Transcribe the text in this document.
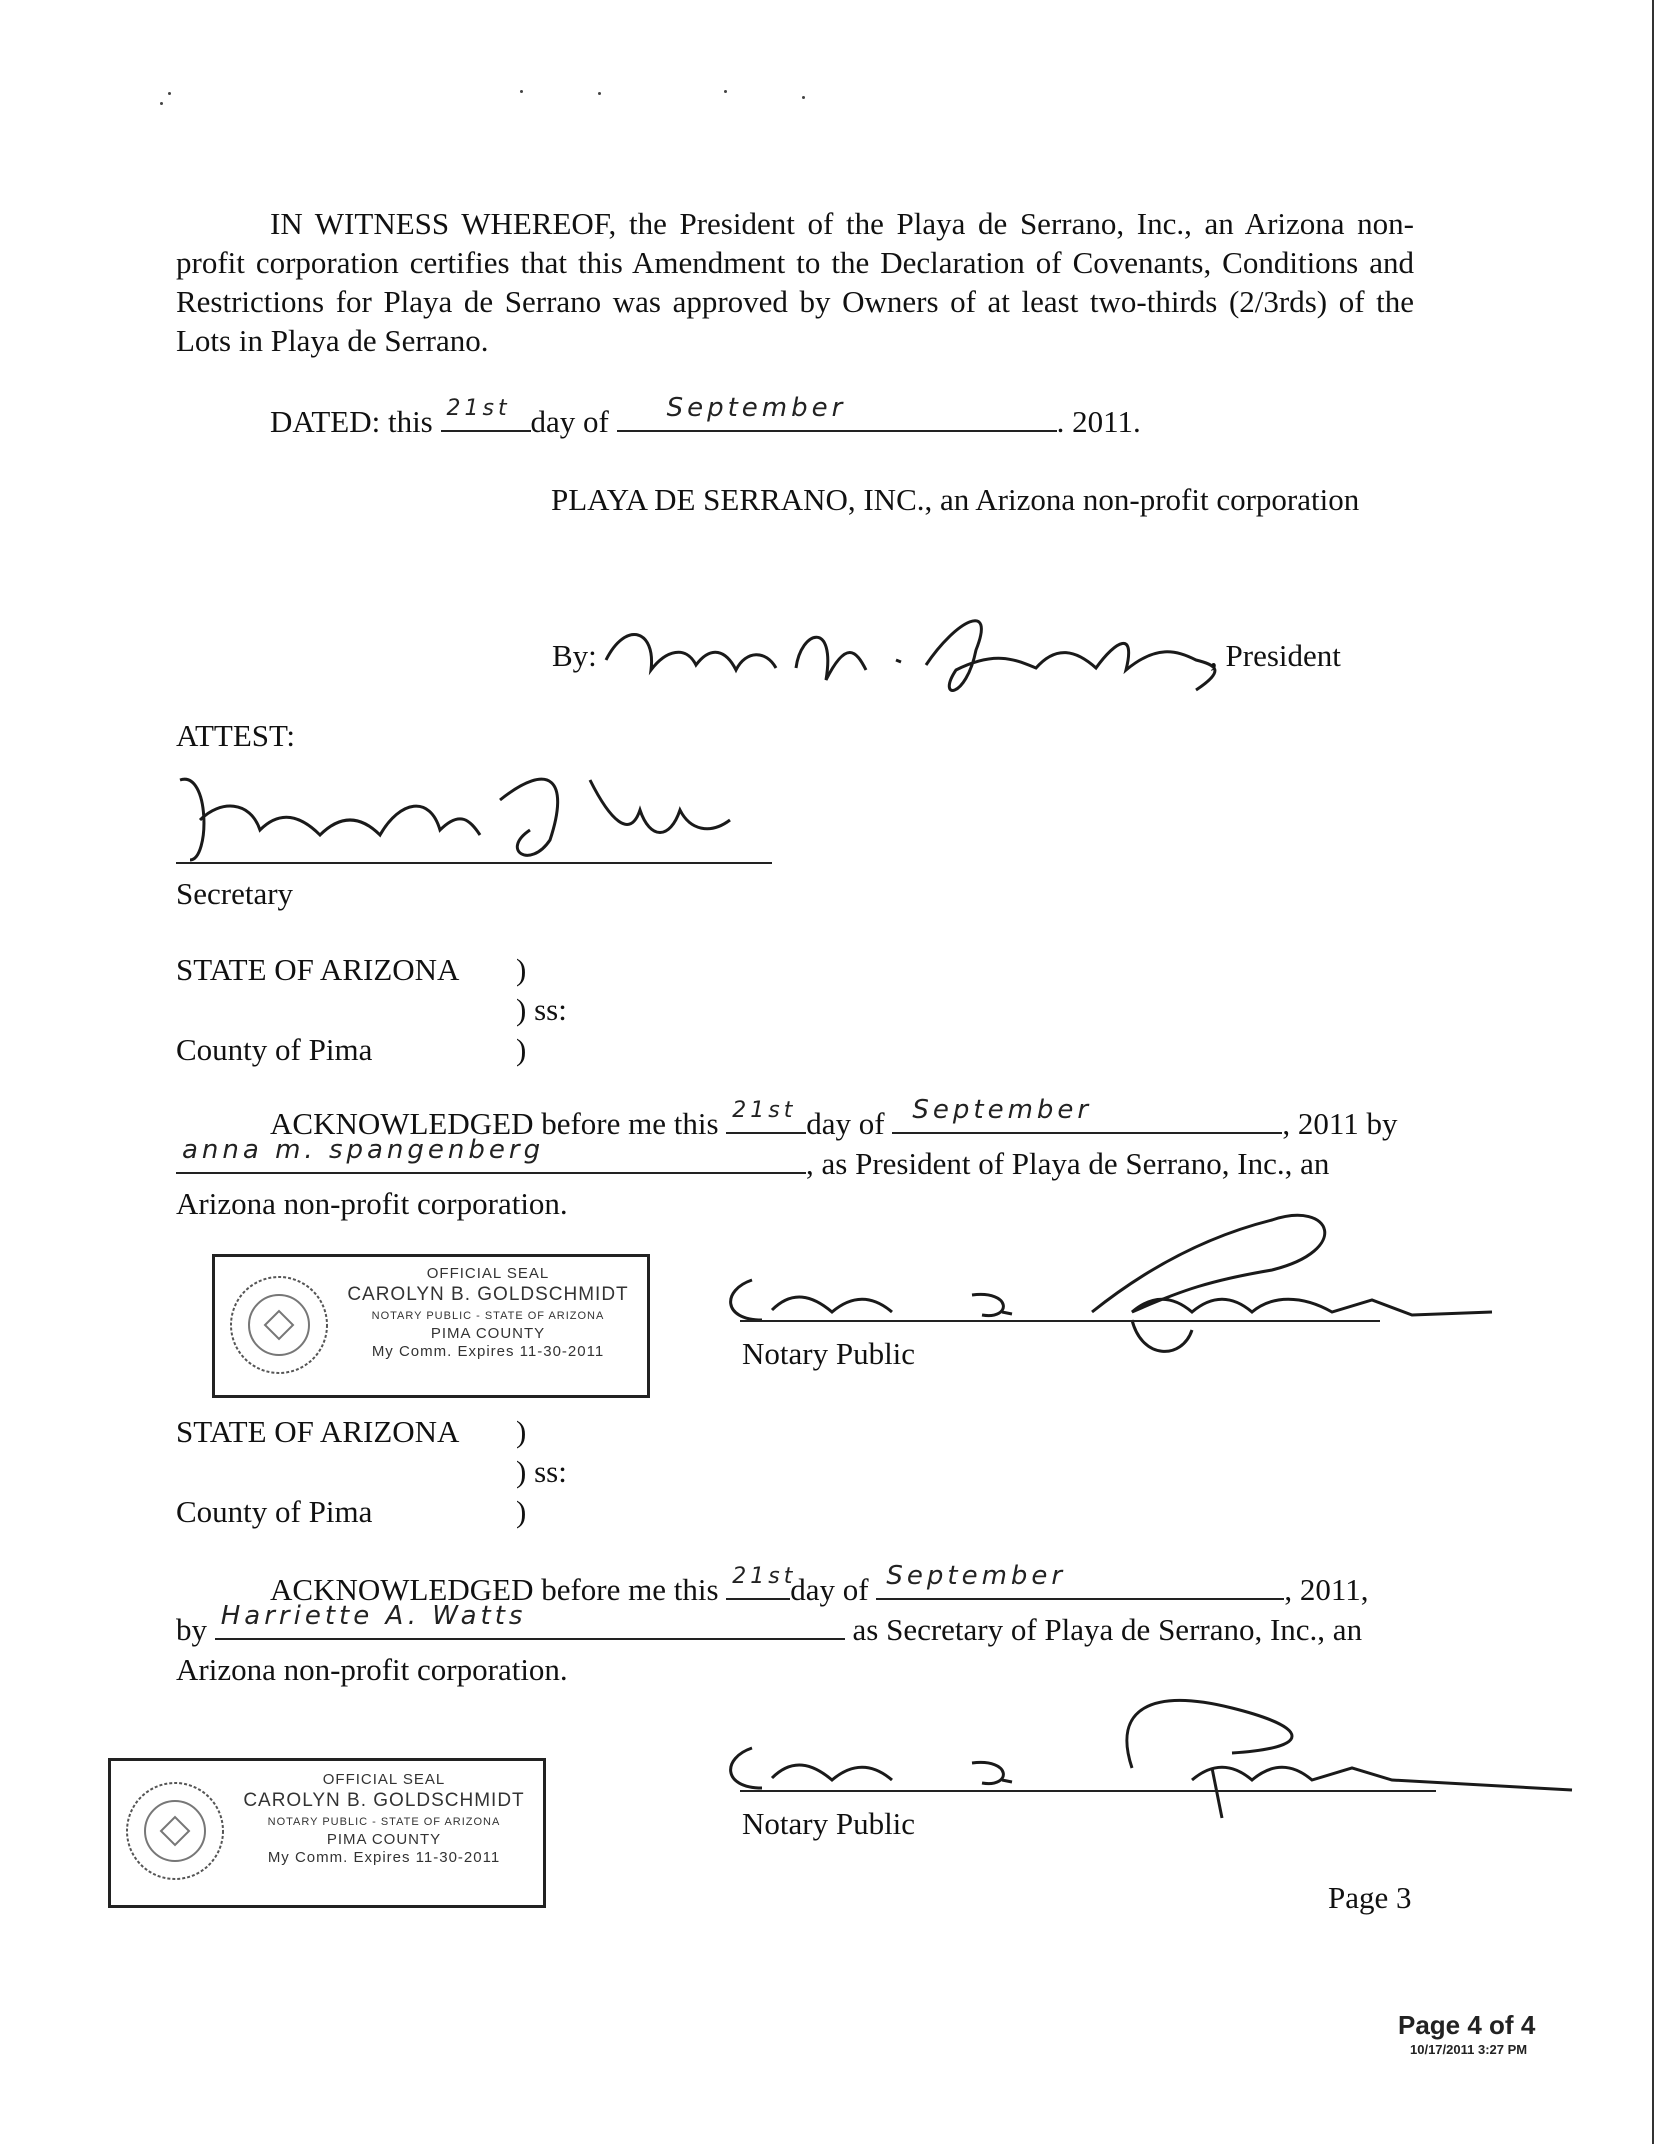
IN WITNESS WHEREOF, the President of the Playa de Serrano, Inc., an Arizona non-profit corporation certifies that this Amendment to the Declaration of Covenants, Conditions and Restrictions for Playa de Serrano was approved by Owners of at least two-thirds (2/3rds) of the Lots in Playa de Serrano.
DATED: this 21st day of September	. 2011.
PLAYA DE SERRANO, INC., an Arizona non-profit corporation
By:	, President
ATTEST:
Secretary
STATE OF ARIZONA )
) ss:
County of Pima	)
ACKNOWLEDGED before me this 21st day of September	, 2011 by
anna m. spangenberg	, as President of Playa de Serrano, Inc., an
Arizona non-profit corporation.
OFFICIAL SEAL
CAROLYN B. GOLDSCHMIDT
NOTARY PUBLIC - STATE OF ARIZONA
PIMA COUNTY
My Comm. Expires 11-30-2011	Notary Public
STATE OF ARIZONA )
) ss:
County of Pima	)
ACKNOWLEDGED before me this 21st
day of September	, 2011,
by Harriette A. Watts	as Secretary of Playa de Serrano, Inc., an
Arizona non-profit corporation.
Notary Public
OFFICIAL SEAL
CAROLYN B. GOLDSCHMIDT
NOTARY PUBLIC - STATE OF ARIZONA
PIMA COUNTY
My Comm. Expires 11-30-2011
Page 3
Page 4 of 4
10/17/2011 3:27 PM
